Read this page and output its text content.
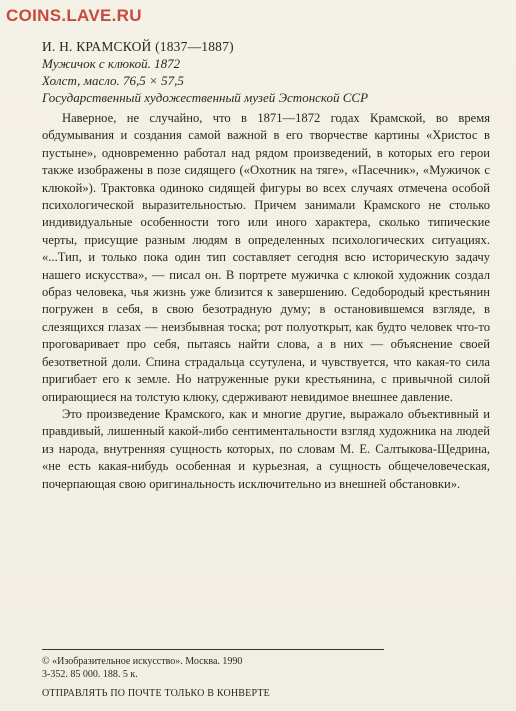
COINS.LAVE.RU
И. Н. КРАМСКОЙ (1837—1887)
Мужичок с клюкой. 1872
Холст, масло. 76,5 × 57,5
Государственный художественный музей Эстонской ССР

Наверное, не случайно, что в 1871—1872 годах Крамской, во время обдумывания и создания самой важной в его творчестве картины «Христос в пустыне», одновременно работал над рядом произведений, в которых его герои также изображены в позе сидящего («Охотник на тяге», «Пасечник», «Мужичок с клюкой»). Трактовка одиноко сидящей фигуры во всех случаях отмечена особой психологической выразительностью. Причем занимали Крамского не столько индивидуальные особенности того или иного характера, сколько типические черты, присущие разным людям в определенных психологических ситуациях. «...Тип, и только пока один тип составляет сегодня всю историческую задачу нашего искусства», — писал он. В портрете мужичка с клюкой художник создал образ человека, чья жизнь уже близится к завершению. Седобородый крестьянин погружен в себя, в свою безотрадную думу; в остановившемся взгляде, в слезящихся глазах — неизбывная тоска; рот полуоткрыт, как будто человек что-то проговаривает про себя, пытаясь найти слова, а в них — объяснение своей безответной доли. Спина страдальца ссутулена, и чувствуется, что какая-то сила пригибает его к земле. Но натруженные руки крестьянина, с привычной силой опирающиеся на толстую клюку, сдерживают невидимое внешнее давление.

Это произведение Крамского, как и многие другие, выражало объективный и правдивый, лишенный какой-либо сентиментальности взгляд художника на людей из народа, внутренняя сущность которых, по словам М. Е. Салтыкова-Щедрина, «не есть какая-нибудь особенная и курьезная, а сущность общечеловеческая, почерпающая свою оригинальность исключительно из внешней обстановки».

© «Изобразительное искусство». Москва. 1990
3-352. 85 000. 188. 5 к.
ОТПРАВЛЯТЬ ПО ПОЧТЕ ТОЛЬКО В КОНВЕРТЕ
